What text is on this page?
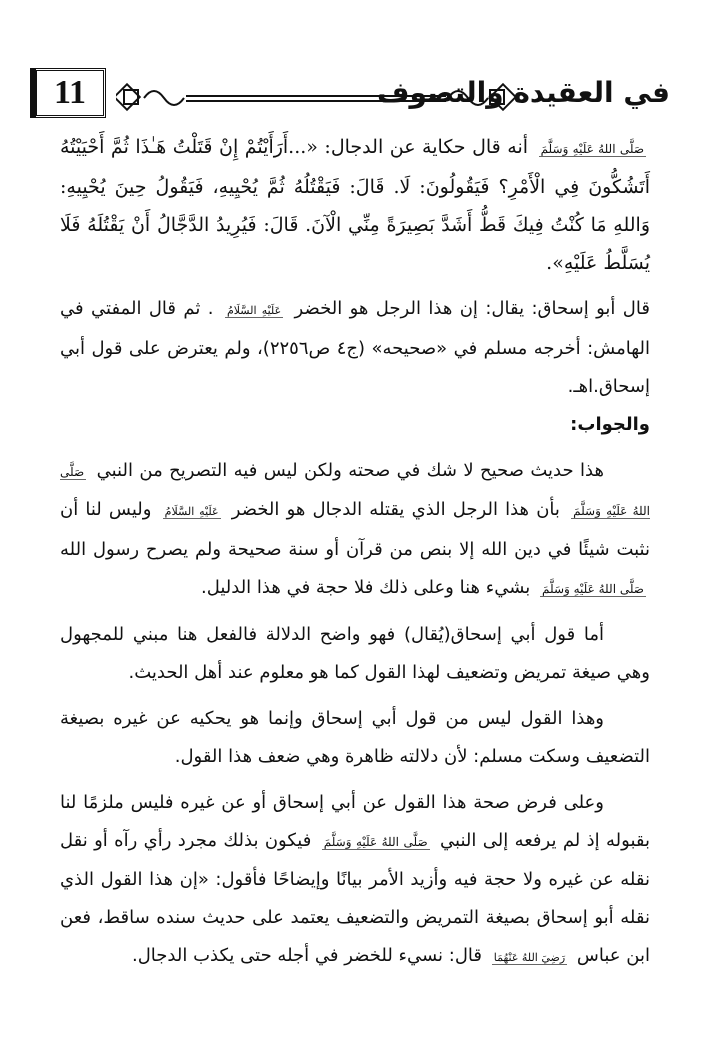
11	في العقيدة والتصوف

صَلَّى اللهُ عَلَيْهِ وَسَلَّمَ أنه قال حكاية عن الدجال: «...أَرَأَيْتُمْ إِنْ قَتَلْتُ هَـٰذَا ثُمَّ أَحْيَيْتُهُ أَتَشُكُّونَ فِي الْأَمْرِ؟ فَيَقُولُونَ: لَا. قَالَ: فَيَقْتُلُهُ ثُمَّ يُحْيِيهِ، فَيَقُولُ حِينَ يُحْيِيهِ: وَاللهِ مَا كُنْتُ فِيكَ قَطُّ أَشَدَّ بَصِيرَةً مِنِّي الْآنَ. قَالَ: فَيُرِيدُ الدَّجَّالُ أَنْ يَقْتُلَهُ فَلَا يُسَلَّطُ عَلَيْهِ».

قال أبو إسحاق: يقال: إن هذا الرجل هو الخضر عَلَيْهِ السَّلَامُ . ثم قال المفتي في الهامش: أخرجه مسلم في «صحيحه» (ج٤ ص٢٢٥٦)، ولم يعترض على قول أبي إسحاق.اهـ.

والجواب:

هذا حديث صحيح لا شك في صحته ولكن ليس فيه التصريح من النبي صَلَّى اللهُ عَلَيْهِ وَسَلَّمَ بأن هذا الرجل الذي يقتله الدجال هو الخضر عَلَيْهِ السَّلَامُ وليس لنا أن نثبت شيئًا في دين الله إلا بنص من قرآن أو سنة صحيحة ولم يصرح رسول الله صَلَّى اللهُ عَلَيْهِ وَسَلَّمَ بشيء هنا وعلى ذلك فلا حجة في هذا الدليل.

أما قول أبي إسحاق(يُقال) فهو واضح الدلالة فالفعل هنا مبني للمجهول وهي صيغة تمريض وتضعيف لهذا القول كما هو معلوم عند أهل الحديث.

وهذا القول ليس من قول أبي إسحاق وإنما هو يحكيه عن غيره بصيغة التضعيف وسكت مسلم: لأن دلالته ظاهرة وهي ضعف هذا القول.

وعلى فرض صحة هذا القول عن أبي إسحاق أو عن غيره فليس ملزمًا لنا بقبوله إذ لم يرفعه إلى النبي صَلَّى اللهُ عَلَيْهِ وَسَلَّمَ فيكون بذلك مجرد رأي رآه أو نقل نقله عن غيره ولا حجة فيه وأزيد الأمر بيانًا وإيضاحًا فأقول: «إن هذا القول الذي نقله أبو إسحاق بصيغة التمريض والتضعيف يعتمد على حديث سنده ساقط، فعن ابن عباس رَضِيَ اللهُ عَنْهُمَا قال: نسيء للخضر في أجله حتى يكذب الدجال.
